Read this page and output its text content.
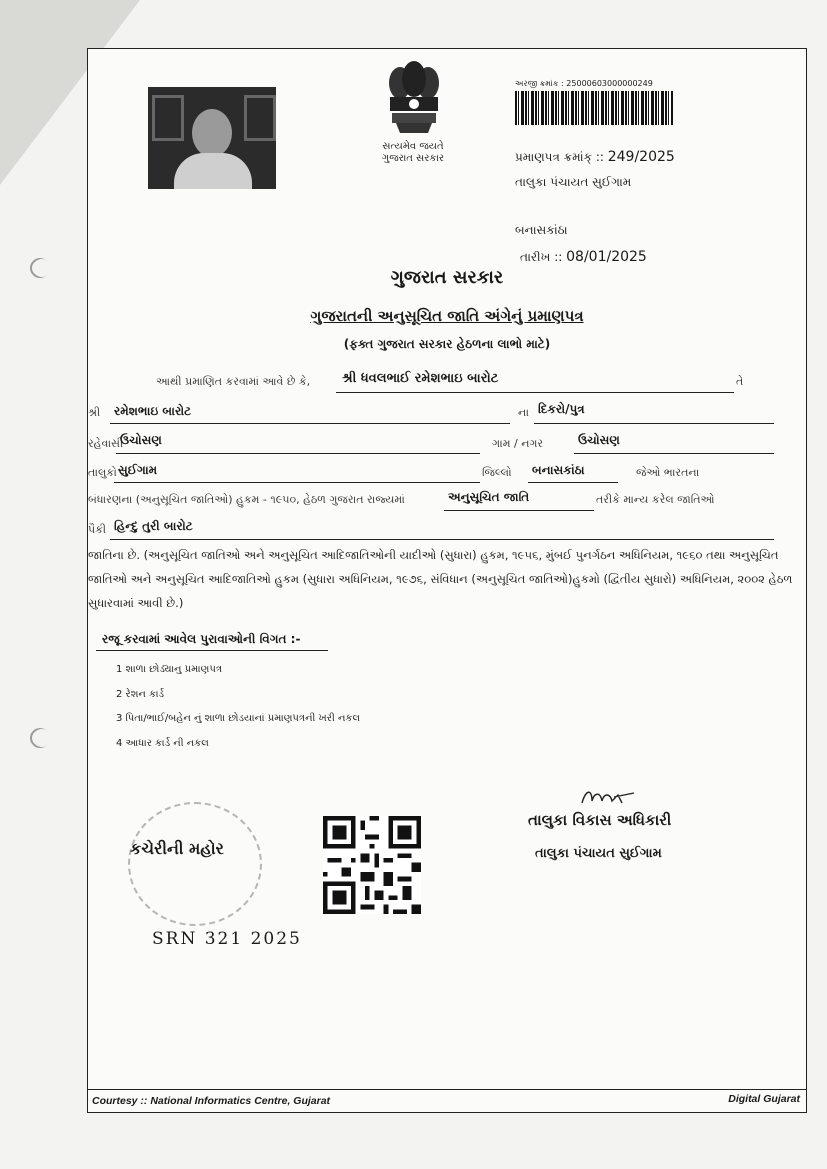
સત્યમેવ જયતે
ગુજરાત સરકાર
અરજી ક્રમાંક : 25000603000000249
પ્રમાણપત્ર ક્રમાંક્ :: 249/2025
તાલુકા પંચાયત સુઈગામ
બનાસકાંઠા
તારીખ :: 08/01/2025
ગુજરાત સરકાર
ગુજરાતની અનુસૂચિત જાતિ અંગેનું પ્રમાણપત્ર
(ફક્ત ગુજરાત સરકાર હેઠળના લાભો માટે)
આથી પ્રમાણિત કરવામાં આવે છે કે, શ્રી ધવલભાઈ રમેશભાઇ બારોટ	તે
શ્રી રમેશભાઇ બારોટ	ના દિકરો/પુત્ર
રહેવાસી
ઉચોસણ	ગામ / નગર	ઉચોસણ
તાલુકો સુઈગામ	જિલ્લો બનાસકાંઠા	જેઓ ભારતના
બંધારણના (અનુસૂચિત જાતિઓ) હુકમ - ૧૯૫૦, હેઠળ ગુજરાત રાજ્યમાં	અનુસૂચિત જાતિ	તરીકે માન્ય કરેલ જાતિઓ
પૈકી હિન્દુ તુરી બારોટ
જાતિના છે. (અનુસૂચિત જાતિઓ અને અનુસૂચિત આદિજાતિઓની યાદીઓ (સુધારા) હુકમ, ૧૯૫૬, મુંબઈ પુનર્ગઠન અધિનિયમ, ૧૯૬૦ તથા અનુસૂચિત જાતિઓ અને અનુસૂચિત આદિજાતિઓ હુકમ (સુધારા અધિનિયમ, ૧૯૭૬, સંવિધાન (અનુસૂચિત જાતિઓ)હુકમો (દ્વિતીય સુધારો) અધિનિયમ, ૨૦૦૨ હેઠળ સુધારવામાં આવી છે.)
રજૂ કરવામાં આવેલ પુરાવાઓની વિગત :-
1 શાળા છોડ્યાનુ પ્રમાણપત્ર
2 રેશન કાર્ડ
3 પિતા/ભાઈ/બહેન નું શાળા છોડયાનાં પ્રમાણપત્રની ખરી નકલ
4 આધાર કાર્ડ ની નકલ
કચેરીની મહોર
SRN 321 2025
તાલુકા વિકાસ અધિકારી
તાલુકા પંચાયત સુઈગામ
Courtesy :: National Informatics Centre, Gujarat	Digital Gujarat
